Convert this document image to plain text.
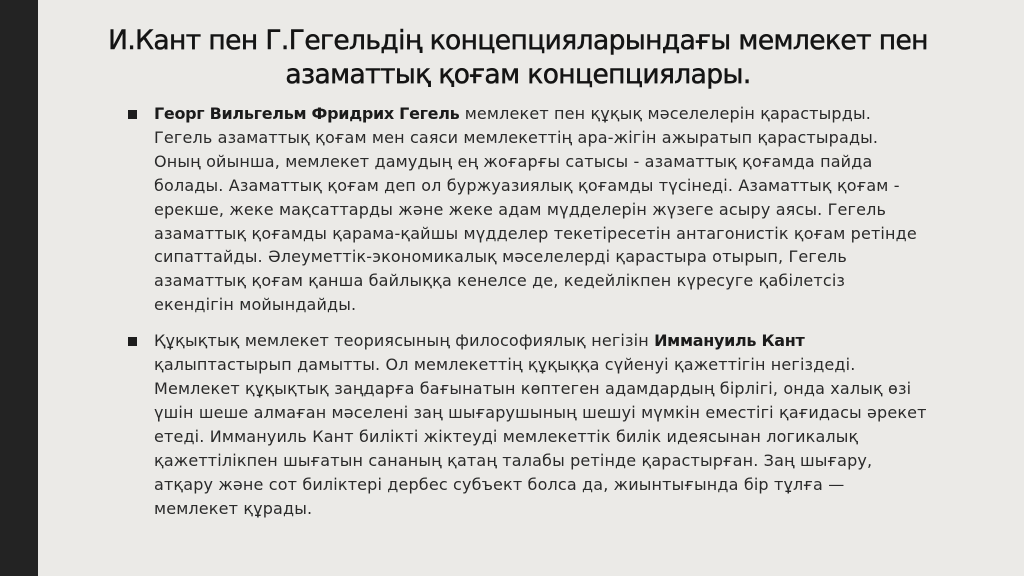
И.Кант пен Г.Гегельдің концепцияларындағы мемлекет пен
азаматтық қоғам концепциялары.
Георг Вильгельм Фридрих Гегель мемлекет пен құқық мәселелерін қарастырды. Гегель азаматтық қоғам мен саяси мемлекеттің ара-жігін ажыратып қарастырады. Оның ойынша, мемлекет дамудың ең жоғарғы сатысы - азаматтық қоғамда пайда болады. Азаматтық қоғам деп ол буржуазиялық қоғамды түсінеді. Азаматтық қоғам - ерекше, жеке мақсаттарды және жеке адам мүдделерін жүзеге асыру аясы. Гегель азаматтық қоғамды қарама-қайшы мүдделер текетіресетін антагонистік қоғам ретінде сипаттайды. Әлеуметтік-экономикалық мәселелерді қарастыра отырып, Гегель азаматтық қоғам қанша байлыққа кенелсе де, кедейлікпен күресуге қабілетсіз екендігін мойындайды.
Құқықтық мемлекет теориясының философиялық негізін Иммануиль Кант қалыптастырып дамытты. Ол мемлекеттің құқыққа сүйенуі қажеттігін негіздеді. Мемлекет құқықтық заңдарға бағынатын көптеген адамдардың бірлігі, онда халық өзі үшін шеше алмаған мәселені заң шығарушының шешуі мүмкін еместігі қағидасы әрекет етеді. Иммануиль Кант билікті жіктеуді мемлекеттік билік идеясынан логикалық қажеттілікпен шығатын сананың қатаң талабы ретінде қарастырған. Заң шығару, атқару және сот биліктері дербес субъект болса да, жиынтығында бір тұлға — мемлекет құрады.
